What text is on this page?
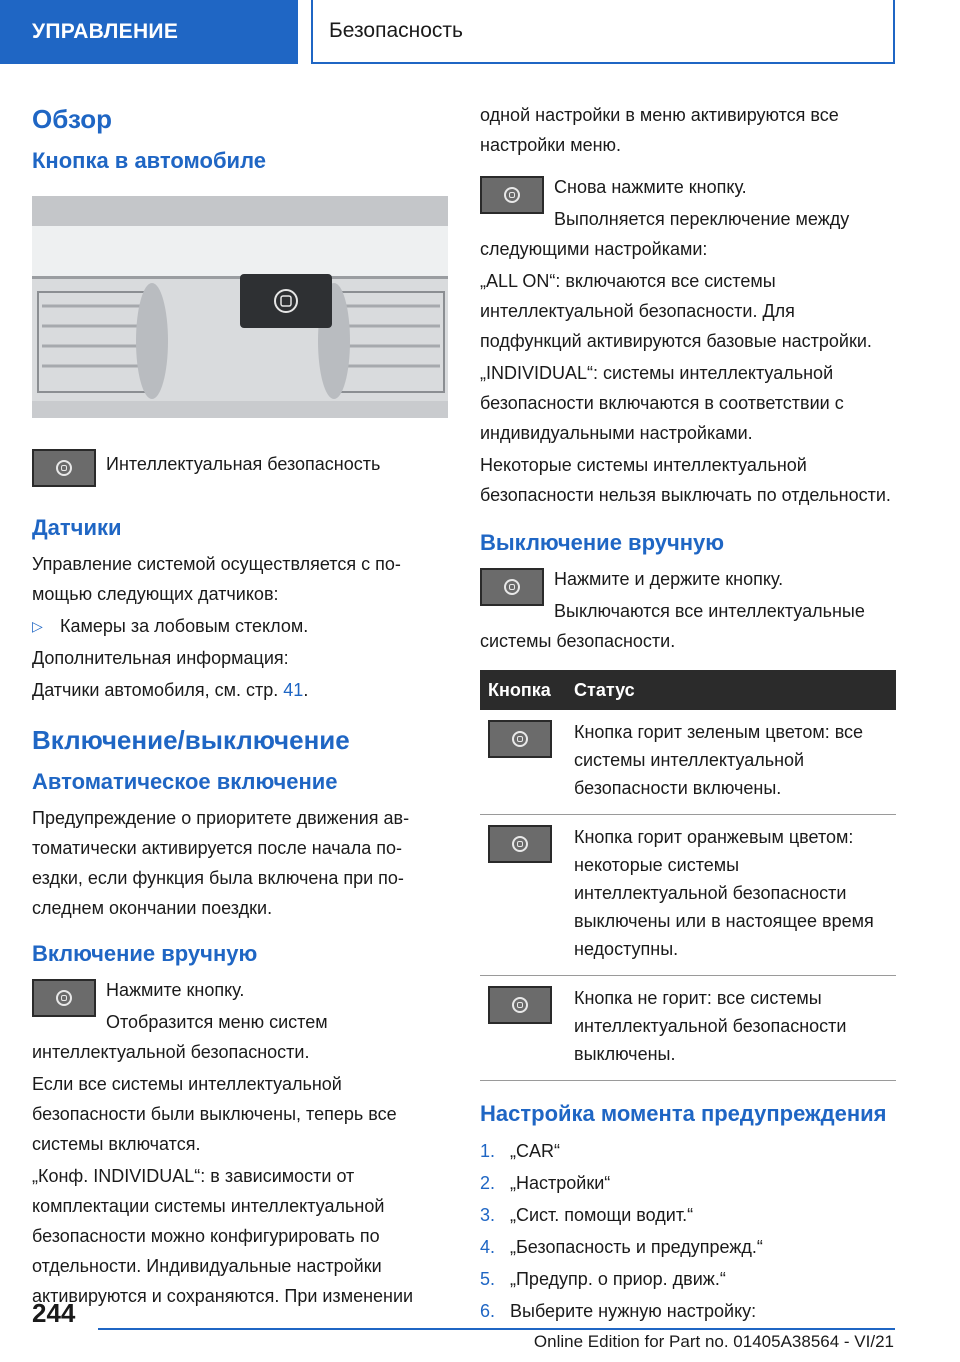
УПРАВЛЕНИЕ	Безопасность
Обзор
Кнопка в автомобиле

Интеллектуальная безопасность

Датчики

Управление системой осуществляется с по-мощью следующих датчиков:

▷ Камеры за лобовым стеклом.

Дополнительная информация:

Датчики автомобиля, см. стр. 41.

Включение/выключение
Автоматическое включение

Предупреждение о приоритете движения ав-томатически активируется после начала по-ездки, если функция была включена при по-следнем окончании поездки.

Включение вручную

Нажмите кнопку.

Отобразится меню систем интеллектуальной безопасности.

Если все системы интеллектуальной безопасности были выключены, теперь все системы включатся.

„Конф. INDIVIDUAL“: в зависимости от комплектации системы интеллектуальной безопасности можно конфигурировать по отдельности. Индивидуальные настройки активируются и сохраняются. При изменении

одной настройки в меню активируются все настройки меню.

Снова нажмите кнопку.

Выполняется переключение между следующими настройками:

„ALL ON“: включаются все системы интеллектуальной безопасности. Для подфункций активируются базовые настройки.

„INDIVIDUAL“: системы интеллектуальной безопасности включаются в соответствии с индивидуальными настройками.

Некоторые системы интеллектуальной безопасности нельзя выключать по отдельности.

Выключение вручную

Нажмите и держите кнопку.

Выключаются все интеллектуальные системы безопасности.

Кнопка	Статус

	Кнопка горит зеленым цветом: все системы интеллектуальной безопасности включены.

	Кнопка горит оранжевым цветом: некоторые системы интеллектуальной безопасности выключены или в настоящее время недоступны.

	Кнопка не горит: все системы интеллектуальной безопасности выключены.
Настройка момента предупреждения
1. „CAR“
2. „Настройки“
3. „Сист. помощи водит.“
4. „Безопасность и предупрежд.“
5. „Предупр. о приор. движ.“
6. Выберите нужную настройку:
244
Online Edition for Part no. 01405A38564 - VI/21
